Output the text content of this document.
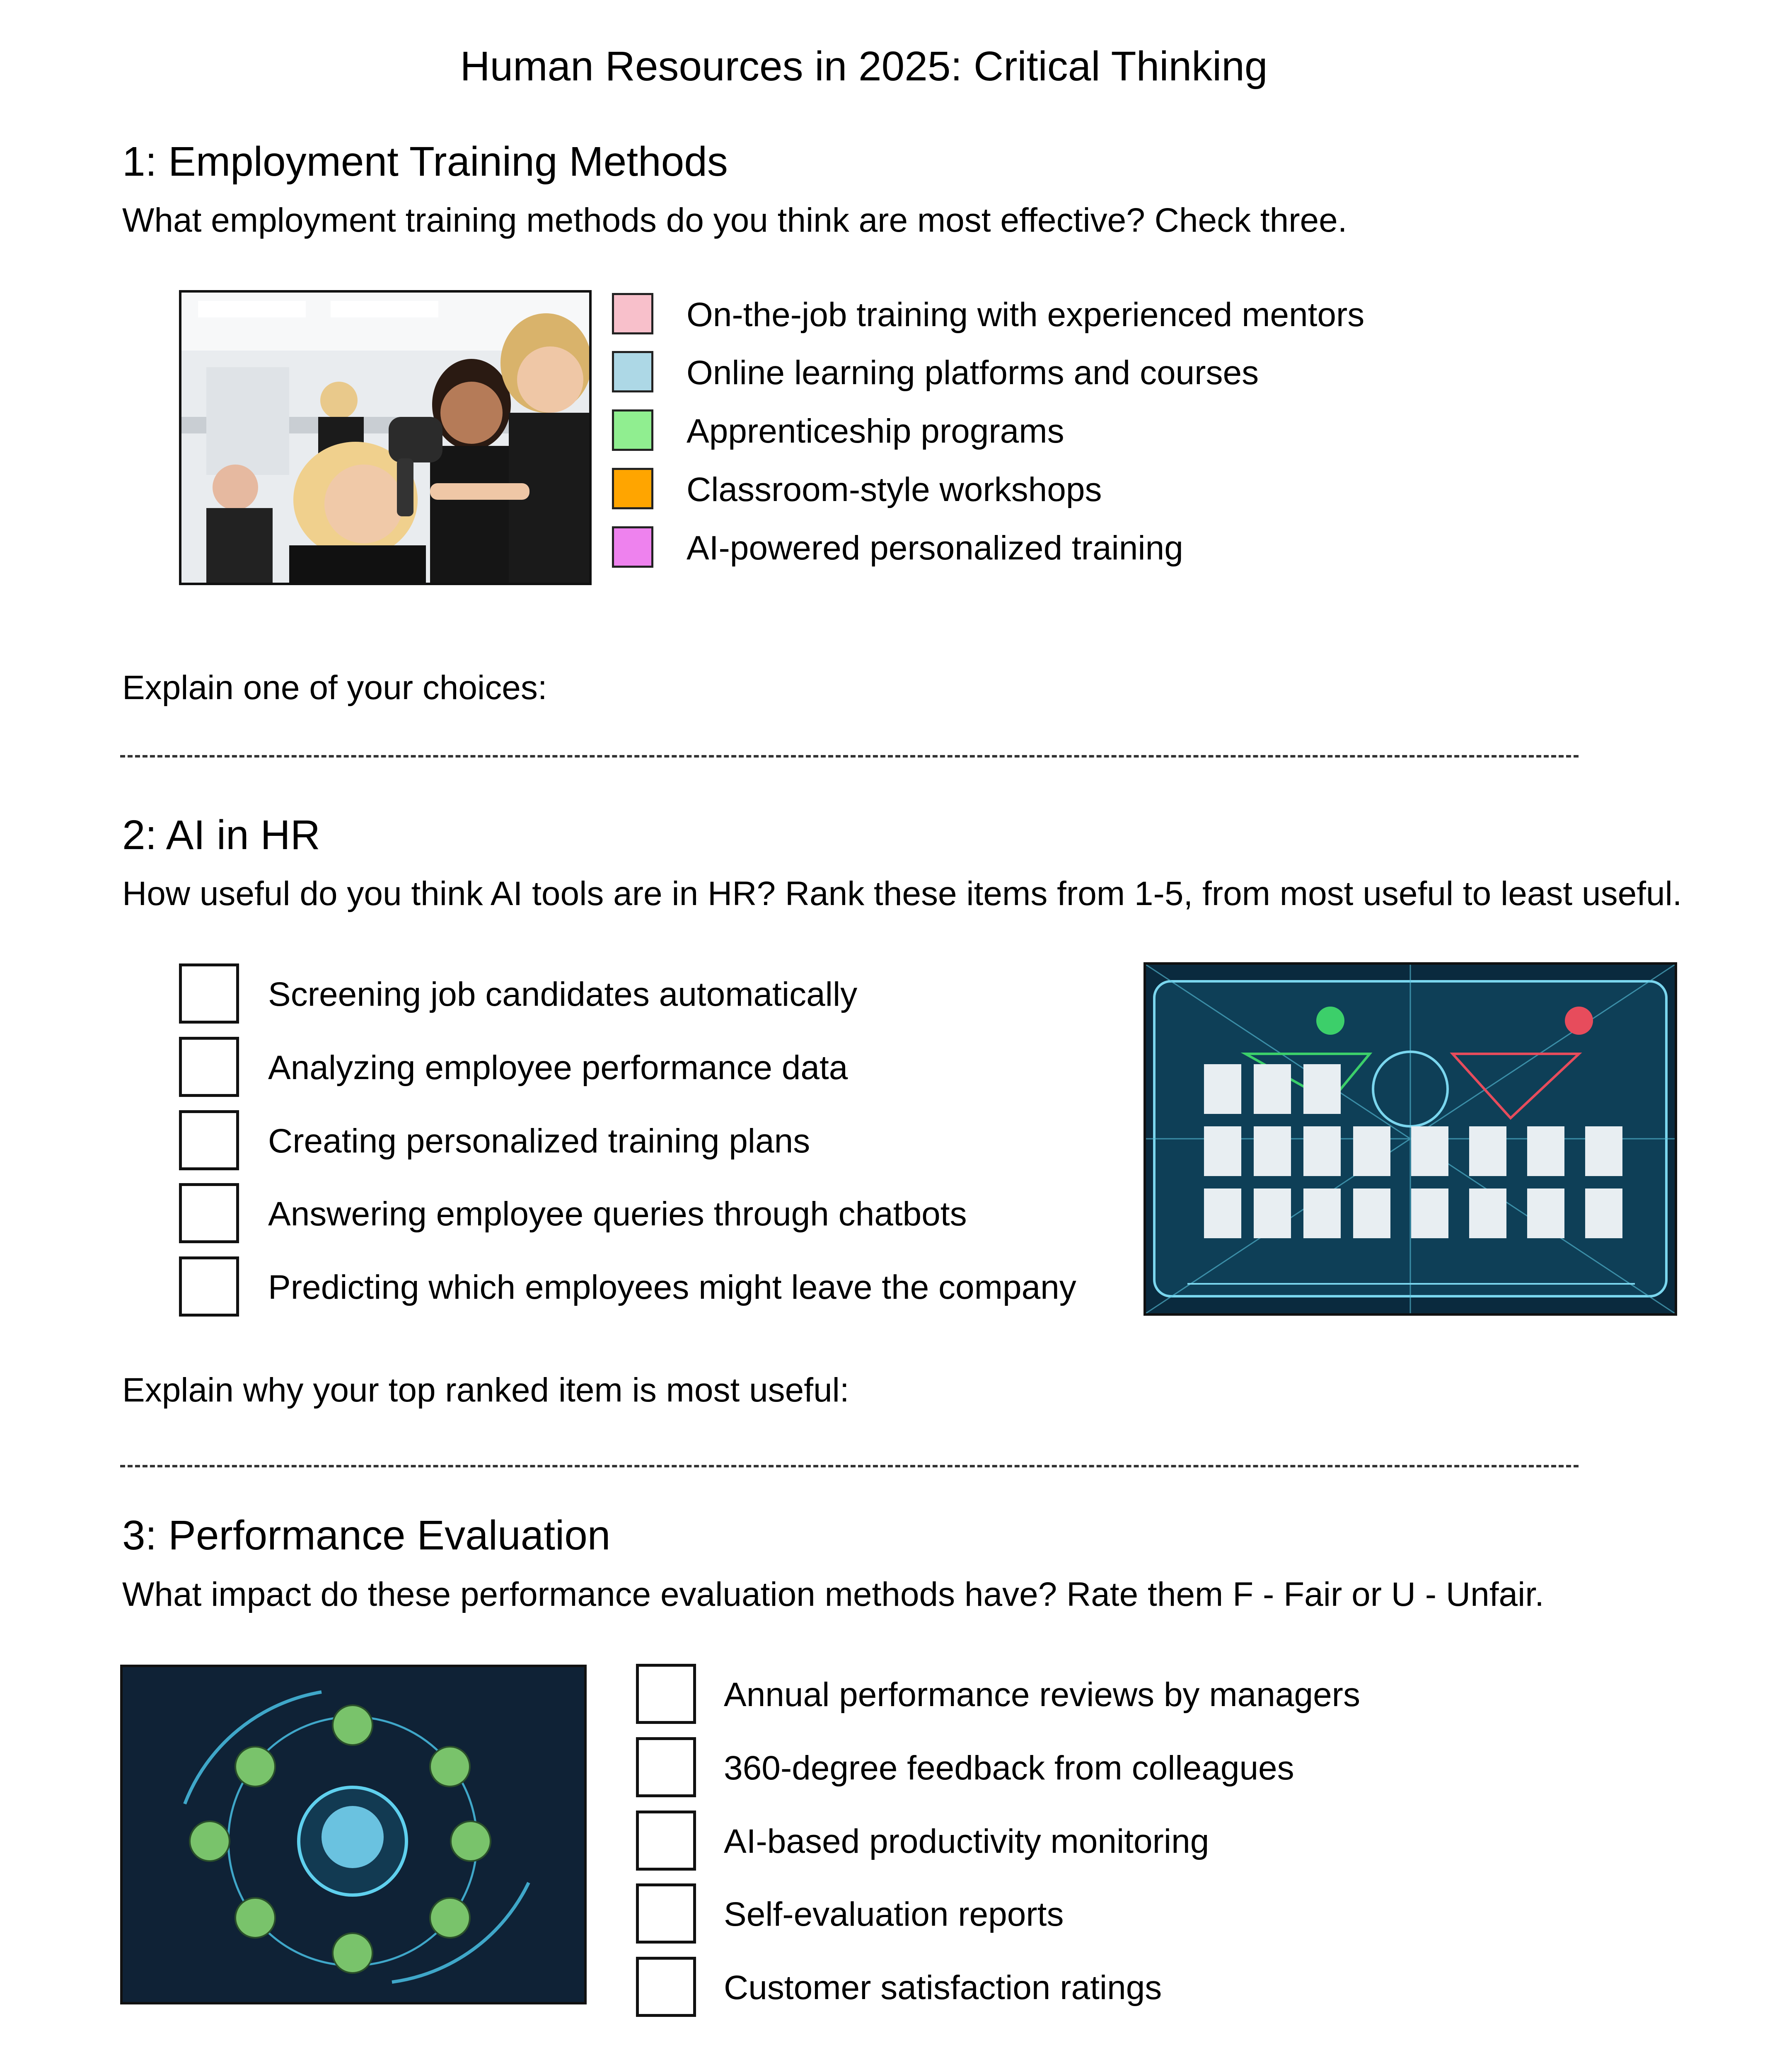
Human Resources in 2025: Critical Thinking
1: Employment Training Methods
What employment training methods do you think are most effective? Check three.
On-the-job training with experienced mentors
Online learning platforms and courses
Apprenticeship programs
Classroom-style workshops
AI-powered personalized training
Explain one of your choices:
2: AI in HR
How useful do you think AI tools are in HR? Rank these items from 1-5, from most useful to least useful.
Screening job candidates automatically
Analyzing employee performance data
Creating personalized training plans
Answering employee queries through chatbots
Predicting which employees might leave the company
Explain why your top ranked item is most useful:
3: Performance Evaluation
What impact do these performance evaluation methods have? Rate them F - Fair or U - Unfair.
Annual performance reviews by managers
360-degree feedback from colleagues
AI-based productivity monitoring
Self-evaluation reports
Customer satisfaction ratings
